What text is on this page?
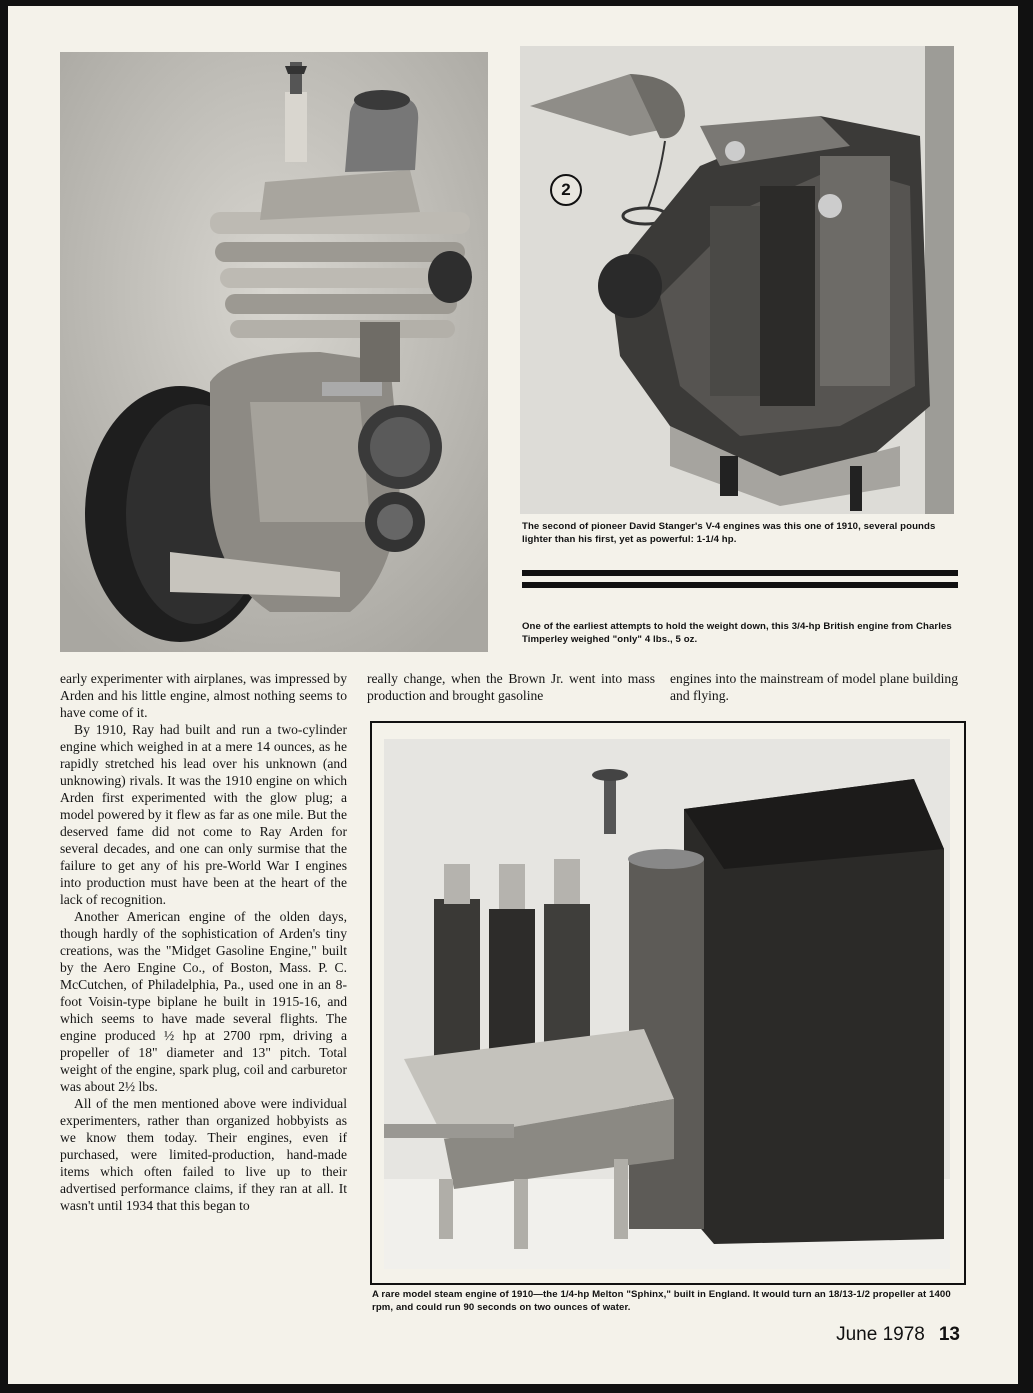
2
The second of pioneer David Stanger's V-4 engines was this one of 1910, several pounds lighter than his first, yet as powerful: 1-1/4 hp.
One of the earliest attempts to hold the weight down, this 3/4-hp British engine from Charles Timperley weighed "only" 4 lbs., 5 oz.

early experimenter with airplanes, was impressed by Arden and his little engine, almost nothing seems to have come of it.

By 1910, Ray had built and run a two-cylinder engine which weighed in at a mere 14 ounces, as he rapidly stretched his lead over his unknown (and unknowing) rivals. It was the 1910 engine on which Arden first experimented with the glow plug; a model powered by it flew as far as one mile. But the deserved fame did not come to Ray Arden for several decades, and one can only surmise that the failure to get any of his pre-World War I engines into production must have been at the heart of the lack of recognition.

Another American engine of the olden days, though hardly of the sophistication of Arden's tiny creations, was the "Midget Gasoline Engine," built by the Aero Engine Co., of Boston, Mass. P. C. McCutchen, of Philadelphia, Pa., used one in an 8-foot Voisin-type biplane he built in 1915-16, and which seems to have made several flights. The engine produced ½ hp at 2700 rpm, driving a propeller of 18" diameter and 13" pitch. Total weight of the engine, spark plug, coil and carburetor was about 2½ lbs.

All of the men mentioned above were individual experimenters, rather than organized hobbyists as we know them today. Their engines, even if purchased, were limited-production, hand-made items which often failed to live up to their advertised performance claims, if they ran at all. It wasn't until 1934 that this began to

really change, when the Brown Jr. went into mass production and brought gasoline

engines into the mainstream of model plane building and flying.

A rare model steam engine of 1910—the 1/4-hp Melton "Sphinx," built in England. It would turn an 18/13-1/2 propeller at 1400 rpm, and could run 90 seconds on two ounces of water.
June 1978 13
